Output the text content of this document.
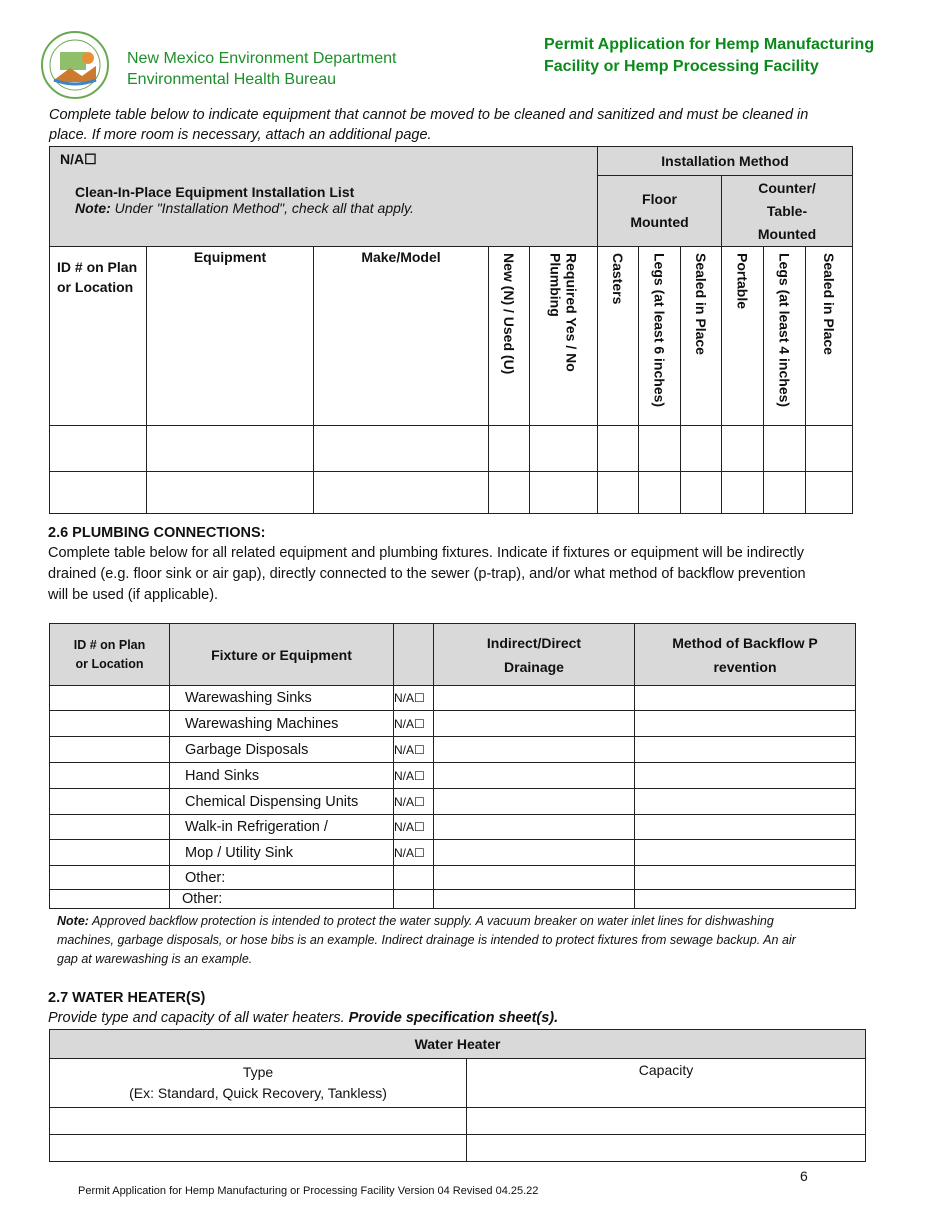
New Mexico Environment Department
Environmental Health Bureau
Permit Application for Hemp Manufacturing
Facility or Hemp Processing Facility
Complete table below to indicate equipment that cannot be moved to be cleaned and sanitized and must be cleaned in place. If more room is necessary, attach an additional page.
N/A☐
Clean-In-Place Equipment Installation List
Note: Under "Installation Method", check all that apply.					Installation Method					
					Floor Mounted			Counter/ Table-Mounted		
ID # on Plan or Location	Equipment	Make/Model	New (N) / Used (U)	Plumbing Required Yes / No	Casters	Legs (at least 6 inches)	Sealed in Place	Portable	Legs (at least 4 inches)	Sealed in Place

2.6 PLUMBING CONNECTIONS:
Complete table below for all related equipment and plumbing fixtures. Indicate if fixtures or equipment will be indirectly drained (e.g. floor sink or air gap), directly connected to the sewer (p-trap), and/or what method of backflow prevention will be used (if applicable).
ID # on Plan or Location	Fixture or Equipment		Indirect/Direct Drainage	Method of Backflow P revention
	Warewashing Sinks	N/A☐		
	Warewashing Machines	N/A☐		
	Garbage Disposals	N/A☐		
	Hand Sinks	N/A☐		
	Chemical Dispensing Units	N/A☐		
	Walk-in Refrigeration /	N/A☐		
	Mop / Utility Sink	N/A☐		
	Other:			
	Other:			
Note: Approved backflow protection is intended to protect the water supply. A vacuum breaker on water inlet lines for dishwashing machines, garbage disposals, or hose bibs is an example. Indirect drainage is intended to protect fixtures from sewage backup. An air gap at warewashing is an example.
2.7 WATER HEATER(S)
Provide type and capacity of all water heaters. Provide specification sheet(s).
Water Heater	

Type
(Ex: Standard, Quick Recovery, Tankless)	Capacity

6
Permit Application for Hemp Manufacturing or Processing Facility Version 04 Revised 04.25.22
